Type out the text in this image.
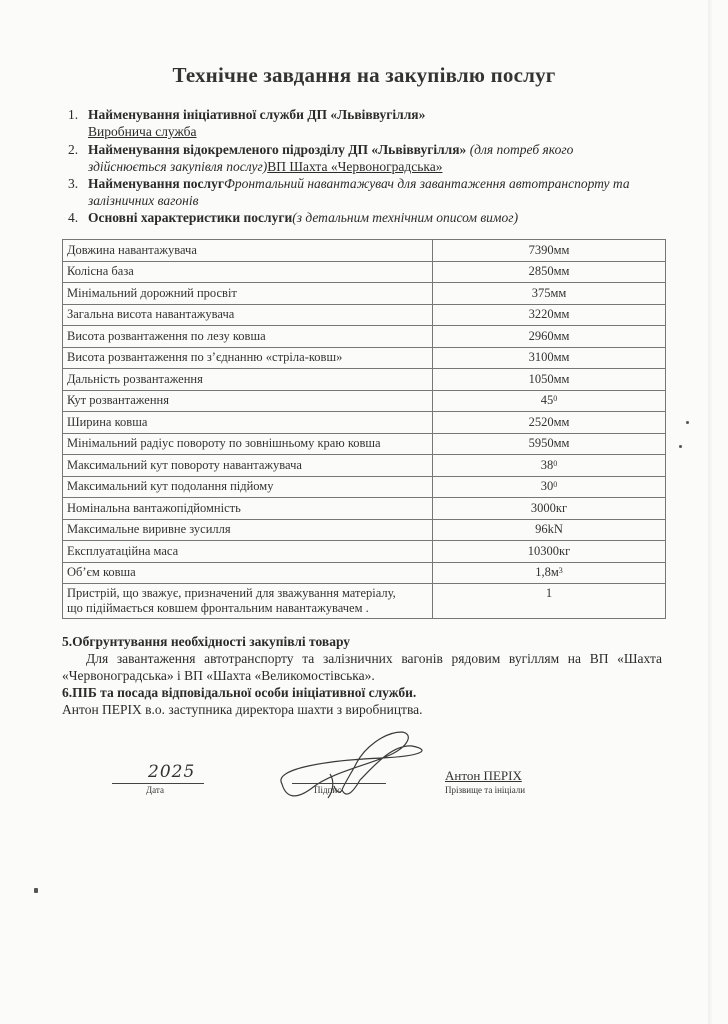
Технічне завдання на закупівлю послуг
1. Найменування ініціативної служби ДП «Львіввугілля»
Виробнича служба
2. Найменування відокремленого підрозділу ДП «Львіввугілля» (для потреб якого
здійснюється закупівля послуг)ВП Шахта «Червоноградська»
3. Найменування послугФронтальний навантажувач для завантаження автотранспорту та
залізничних вагонів
4. Основні характеристики послуги(з детальним технічним описом вимог)
Довжина навантажувача	7390мм
Колісна база	2850мм
Мінімальний дорожний просвіт	375мм
Загальна висота навантажувача	3220мм
Висота розвантаження по лезу ковша	2960мм
Висота розвантаження по з’єднанню «стріла-ковш»	3100мм
Дальність розвантаження	1050мм
Кут розвантаження	$45^0$
Ширина ковша	2520мм
Мінімальний радіус повороту по зовнішньому краю ковша	5950мм
Максимальний кут повороту навантажувача	$38^0$
Максимальний кут подолання підйому	$30^0$
Номінальна вантажопідйомність	3000кг
Максимальне виривне зусилля	96kN
Експлуатаційна маса	10300кг
Об’єм ковша	$1,8м^3$

Пристрій, що зважує, призначений для зважування матеріалу,
що підіймається ковшем фронтальним навантажувачем .	1
5.Обгрунтування необхідності закупівлі товару
Для завантаження автотранспорту та залізничних вагонів рядовим вугіллям на ВП «Шахта «Червоноградська» і ВП «Шахта «Великомостівська».
6.ПІБ та посада відповідальної особи ініціативної служби.
Антон ПЕРІХ в.о. заступника директора шахти з виробництва.
2025
Дата	Підпис
Антон ПЕРІХ
Прізвище та ініціали
